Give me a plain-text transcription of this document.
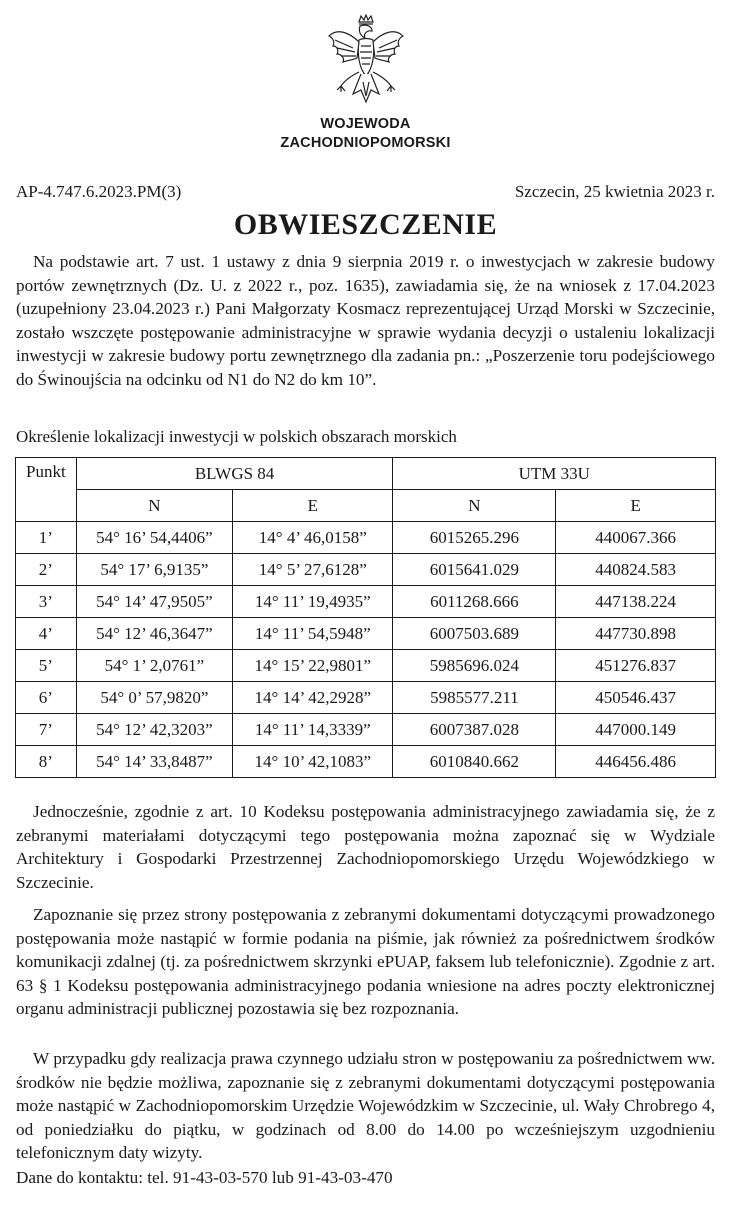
WOJEWODA
ZACHODNIOPOMORSKI
AP-4.747.6.2023.PM(3)	Szczecin, 25 kwietnia 2023 r.
OBWIESZCZENIE

Na podstawie art. 7 ust. 1 ustawy z dnia 9 sierpnia 2019 r. o inwestycjach w zakresie budowy portów zewnętrznych (Dz. U. z 2022 r., poz. 1635), zawiadamia się, że na wniosek z 17.04.2023 (uzupełniony 23.04.2023 r.) Pani Małgorzaty Kosmacz reprezentującej Urząd Morski w Szczecinie, zostało wszczęte postępowanie administracyjne w sprawie wydania decyzji o ustaleniu lokalizacji inwestycji w zakresie budowy portu zewnętrznego dla zadania pn.: „Poszerzenie toru podejściowego do Świnoujścia na odcinku od N1 do N2 do km 10”.

Określenie lokalizacji inwestycji w polskich obszarach morskich

Punkt	BLWGS 84		UTM 33U	
	N	E	N	E
1’	54° 16’ 54,4406”	14° 4’ 46,0158”	6015265.296	440067.366
2’	54° 17’ 6,9135”	14° 5’ 27,6128”	6015641.029	440824.583
3’	54° 14’ 47,9505”	14° 11’ 19,4935”	6011268.666	447138.224
4’	54° 12’ 46,3647”	14° 11’ 54,5948”	6007503.689	447730.898
5’	54° 1’ 2,0761”	14° 15’ 22,9801”	5985696.024	451276.837
6’	54° 0’ 57,9820”	14° 14’ 42,2928”	5985577.211	450546.437
7’	54° 12’ 42,3203”	14° 11’ 14,3339”	6007387.028	447000.149
8’	54° 14’ 33,8487”	14° 10’ 42,1083”	6010840.662	446456.486

Jednocześnie, zgodnie z art. 10 Kodeksu postępowania administracyjnego zawiadamia się, że z zebranymi materiałami dotyczącymi tego postępowania można zapoznać się w Wydziale Architektury i Gospodarki Przestrzennej Zachodniopomorskiego Urzędu Wojewódzkiego w Szczecinie.

Zapoznanie się przez strony postępowania z zebranymi dokumentami dotyczącymi prowadzonego postępowania może nastąpić w formie podania na piśmie, jak również za pośrednictwem środków komunikacji zdalnej (tj. za pośrednictwem skrzynki ePUAP, faksem lub telefonicznie). Zgodnie z art. 63 § 1 Kodeksu postępowania administracyjnego podania wniesione na adres poczty elektronicznej organu administracji publicznej pozostawia się bez rozpoznania.

W przypadku gdy realizacja prawa czynnego udziału stron w postępowaniu za pośrednictwem ww. środków nie będzie możliwa, zapoznanie się z zebranymi dokumentami dotyczącymi postępowania może nastąpić w Zachodniopomorskim Urzędzie Wojewódzkim w Szczecinie, ul. Wały Chrobrego 4, od poniedziałku do piątku, w godzinach od 8.00 do 14.00 po wcześniejszym uzgodnieniu telefonicznym daty wizyty.

Dane do kontaktu: tel. 91-43-03-570 lub 91-43-03-470
